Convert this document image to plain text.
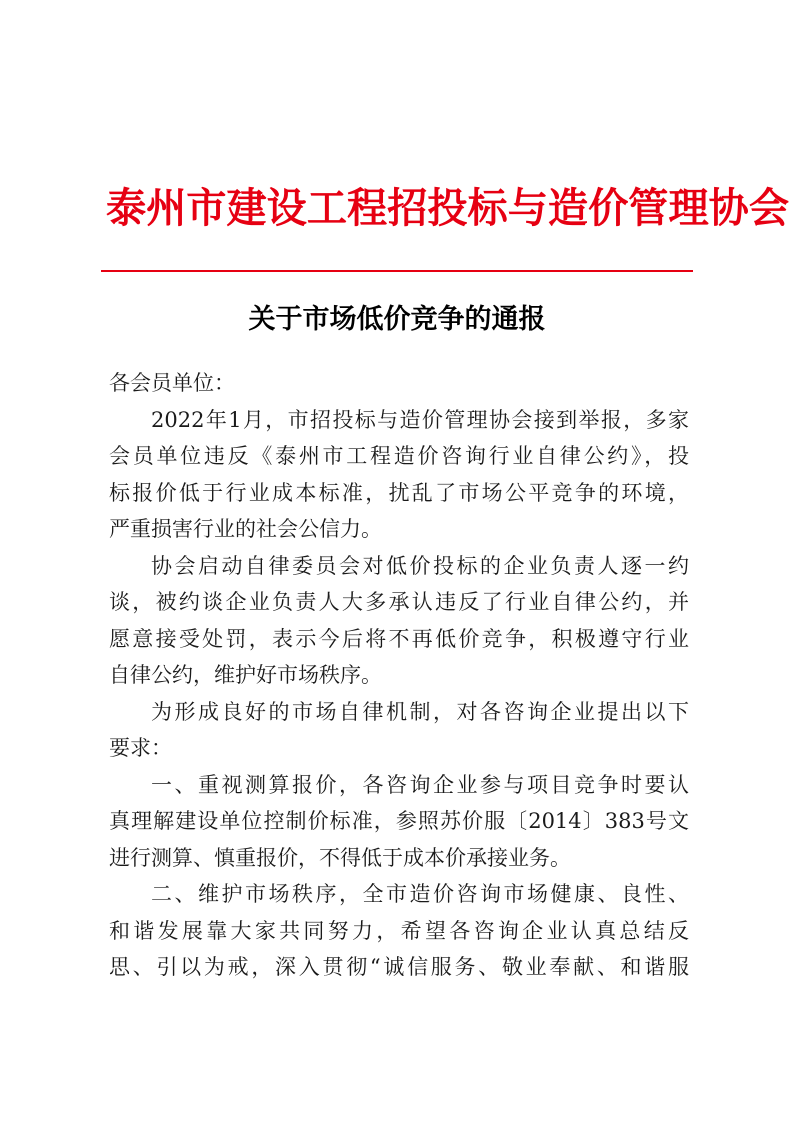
泰州市建设工程招投标与造价管理协会
关于市场低价竞争的通报
各会员单位：
2022年1月，市招投标与造价管理协会接到举报，多家
会员单位违反《泰州市工程造价咨询行业自律公约》，投
标报价低于行业成本标准，扰乱了市场公平竞争的环境，
严重损害行业的社会公信力。
协会启动自律委员会对低价投标的企业负责人逐一约
谈，被约谈企业负责人大多承认违反了行业自律公约，并
愿意接受处罚，表示今后将不再低价竞争，积极遵守行业
自律公约，维护好市场秩序。
为形成良好的市场自律机制，对各咨询企业提出以下
要求：
一、重视测算报价，各咨询企业参与项目竞争时要认
真理解建设单位控制价标准，参照苏价服〔2014〕383号文
进行测算、慎重报价，不得低于成本价承接业务。
二、维护市场秩序，全市造价咨询市场健康、良性、
和谐发展靠大家共同努力，希望各咨询企业认真总结反
思、引以为戒，深入贯彻“诚信服务、敬业奉献、和谐服
